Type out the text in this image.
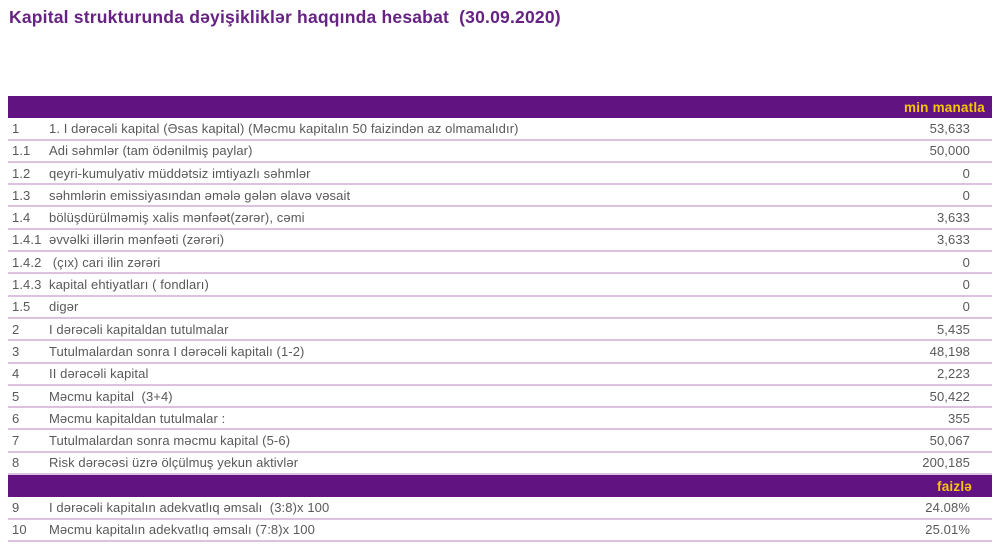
Kapital strukturunda dəyişikliklər haqqında hesabat  (30.09.2020)
min manatla
1	1. I dərəcəli kapital (Əsas kapital) (Məcmu kapitalın 50 faizindən az olmamalıdır)	53,633
1.1	Adi səhmlər (tam ödənilmiş paylar)	50,000
1.2	qeyri-kumulyativ müddətsiz imtiyazlı səhmlər	0
1.3	səhmlərin emissiyasından əmələ gələn əlavə vəsait	0
1.4	bölüşdürülməmiş xalis mənfəət(zərər), cəmi	3,633
1.4.1 əvvəlki illərin mənfəəti (zərəri)	3,633
1.4.2 (çıx) cari ilin zərəri	0
1.4.3 kapital ehtiyatları ( fondları)	0
1.5	digər	0
2	I dərəcəli kapitaldan tutulmalar	5,435
3	Tutulmalardan sonra I dərəcəli kapitalı (1-2)	48,198
4	II dərəcəli kapital	2,223
5	Məcmu kapital  (3+4)	50,422
6	Məcmu kapitaldan tutulmalar :	355
7	Tutulmalardan sonra məcmu kapital (5-6)	50,067
8	Risk dərəcəsi üzrə ölçülmuş yekun aktivlər	200,185
faizlə
9	I dərəcəli kapitalın adekvatlıq əmsalı  (3:8)x 100	24.08%
10	Məcmu kapitalın adekvatlıq əmsalı (7:8)x 100	25.01%
